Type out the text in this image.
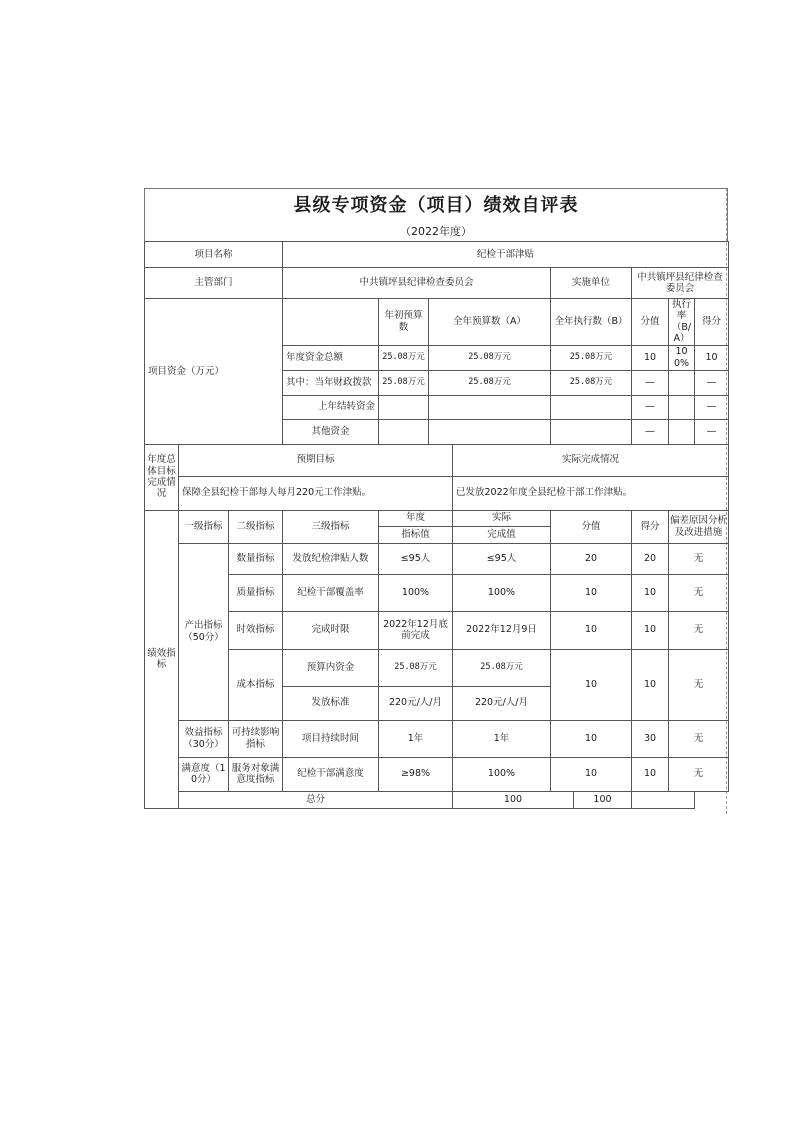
县级专项资金（项目）绩效自评表
（2022年度）
项目名称			纪检干部津贴								
主管部门			中共镇坪县纪律检查委员会				实施单位		中共镇坪县纪律检查委员会		
项目资金（万元）				年初预算数	全年预算数（A）		全年执行数（B）		分值	执行率（B/A）	得分
			年度资金总额	25.08万元	25.08万元		25.08万元		10	100%	10
			其中：当年财政拨款	25.08万元	25.08万元		25.08万元		—		—
			上年结转资金						—		—
			其他资金						—		—
年度总体目标完成情况	预期目标					实际完成情况					
	保障全县纪检干部每人每月220元工作津贴。					已发放2022年度全县纪检干部工作津贴。					
绩效指标	一级指标	二级指标	三级指标	年度		实际	分值		得分	偏差原因分析及改进措施	
				指标值		完成值					
	产出指标（50分）	数量指标	发放纪检津贴人数	≤95人		≤95人	20		20	无	
		质量指标	纪检干部覆盖率	100%		100%	10		10	无	
		时效指标	完成时限	2022年12月底前完成		2022年12月9日	10		10	无	
		成本指标	预算内资金	25.08万元		25.08万元	10		10	无	
			发放标准	220元/人/月		220元/人/月					
	效益指标（30分）	可持续影响指标	项目持续时间	1年		1年	10		30	无	
	满意度（10分）	服务对象满意度指标	纪检干部满意度	≥98%		100%	10		10	无	
	总分					100		100			
